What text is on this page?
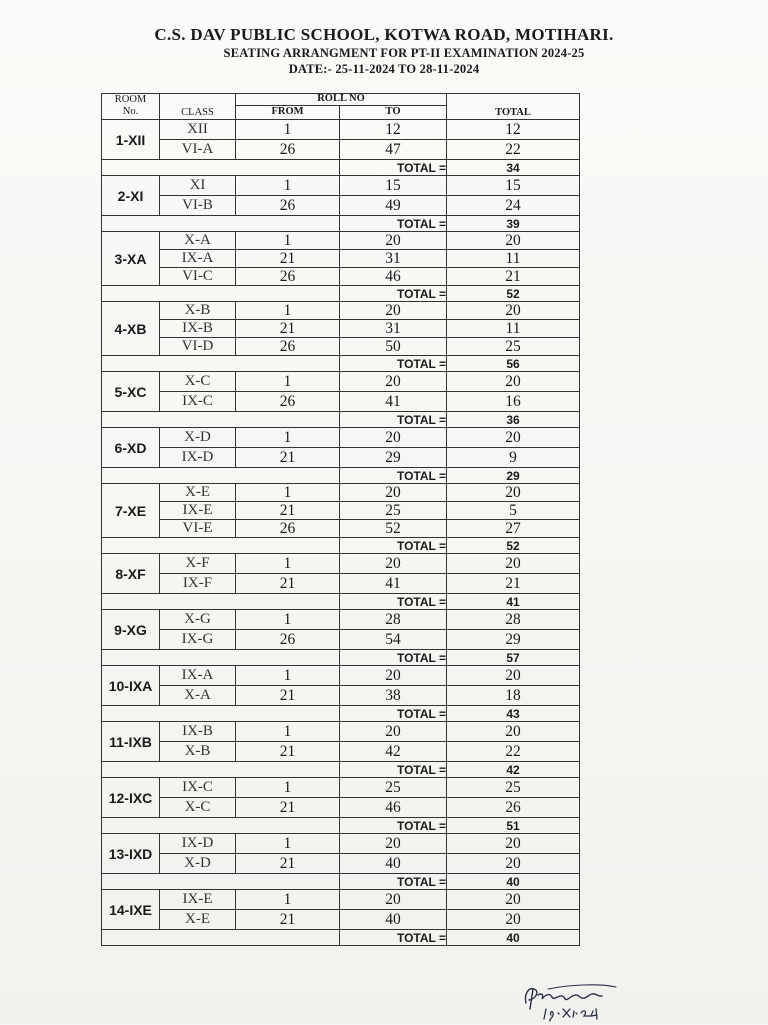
C.S. DAV PUBLIC SCHOOL, KOTWA ROAD, MOTIHARI.
SEATING ARRANGMENT FOR PT-II EXAMINATION 2024-25
DATE:- 25-11-2024 TO 28-11-2024
ROOM	CLASS	ROLL NO		TOTAL
No.		FROM	TO	
1-XII	XII	1	12	12
	VI-A	26	47	22
			TOTAL =	34
2-XI	XI	1	15	15
	VI-B	26	49	24
			TOTAL =	39
3-XA	X-A	1	20	20
	IX-A	21	31	11
	VI-C	26	46	21
			TOTAL =	52
4-XB	X-B	1	20	20
	IX-B	21	31	11
	VI-D	26	50	25
			TOTAL =	56
5-XC	X-C	1	20	20
	IX-C	26	41	16
			TOTAL =	36
6-XD	X-D	1	20	20
	IX-D	21	29	9
			TOTAL =	29
7-XE	X-E	1	20	20
	IX-E	21	25	5
	VI-E	26	52	27
			TOTAL =	52
8-XF	X-F	1	20	20
	IX-F	21	41	21
			TOTAL =	41
9-XG	X-G	1	28	28
	IX-G	26	54	29
			TOTAL =	57
10-IXA	IX-A	1	20	20
	X-A	21	38	18
			TOTAL =	43
11-IXB	IX-B	1	20	20
	X-B	21	42	22
			TOTAL =	42
12-IXC	IX-C	1	25	25
	X-C	21	46	26
			TOTAL =	51
13-IXD	IX-D	1	20	20
	X-D	21	40	20
			TOTAL =	40
14-IXE	IX-E	1	20	20
	X-E	21	40	20
			TOTAL =	40
